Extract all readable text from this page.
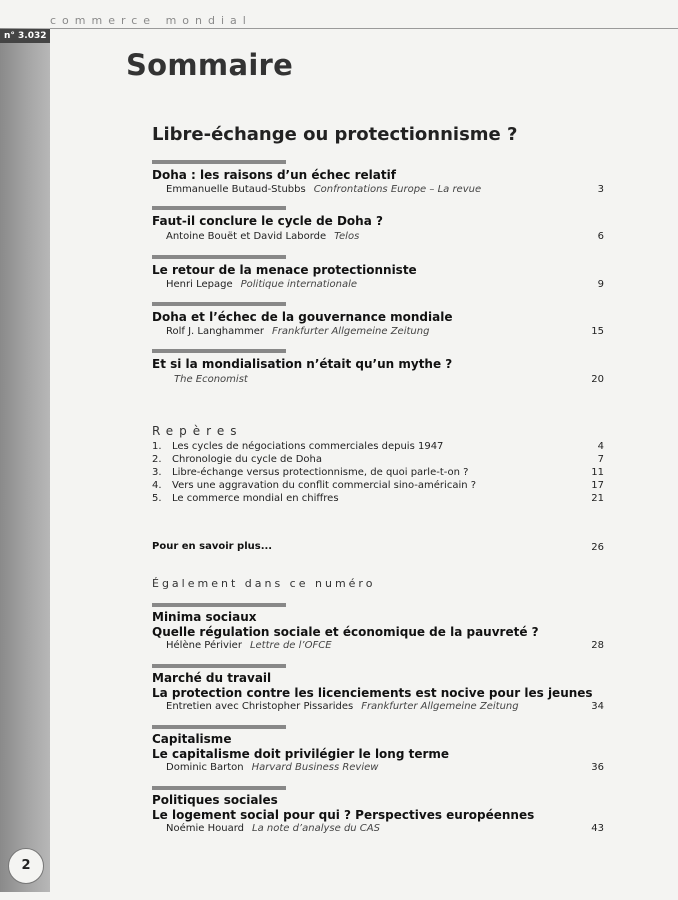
commerce mondial
n° 3.032
2
Sommaire
Libre-échange ou protectionnisme ?
Doha : les raisons d’un échec relatif
Emmanuelle Butaud-Stubbs Confrontations Europe – La revue	3
Faut-il conclure le cycle de Doha ?
Antoine Bouët et David Laborde Telos	6
Le retour de la menace protectionniste
Henri Lepage Politique internationale	9
Doha et l’échec de la gouvernance mondiale
Rolf J. Langhammer Frankfurter Allgemeine Zeitung	15
Et si la mondialisation n’était qu’un mythe ?
The Economist	20
Repères
1. Les cycles de négociations commerciales depuis 1947	4
2. Chronologie du cycle de Doha	7
3. Libre-échange versus protectionnisme, de quoi parle-t-on ?	11
4. Vers une aggravation du conflit commercial sino-américain ?	17
5. Le commerce mondial en chiffres	21
Pour en savoir plus...	26
Également dans ce numéro
Minima sociaux
Quelle régulation sociale et économique de la pauvreté ?
Hélène Périvier Lettre de l’OFCE	28
Marché du travail
La protection contre les licenciements est nocive pour les jeunes
Entretien avec Christopher Pissarides Frankfurter Allgemeine Zeitung	34
Capitalisme
Le capitalisme doit privilégier le long terme
Dominic Barton Harvard Business Review	36
Politiques sociales
Le logement social pour qui ? Perspectives européennes
Noémie Houard La note d’analyse du CAS	43
